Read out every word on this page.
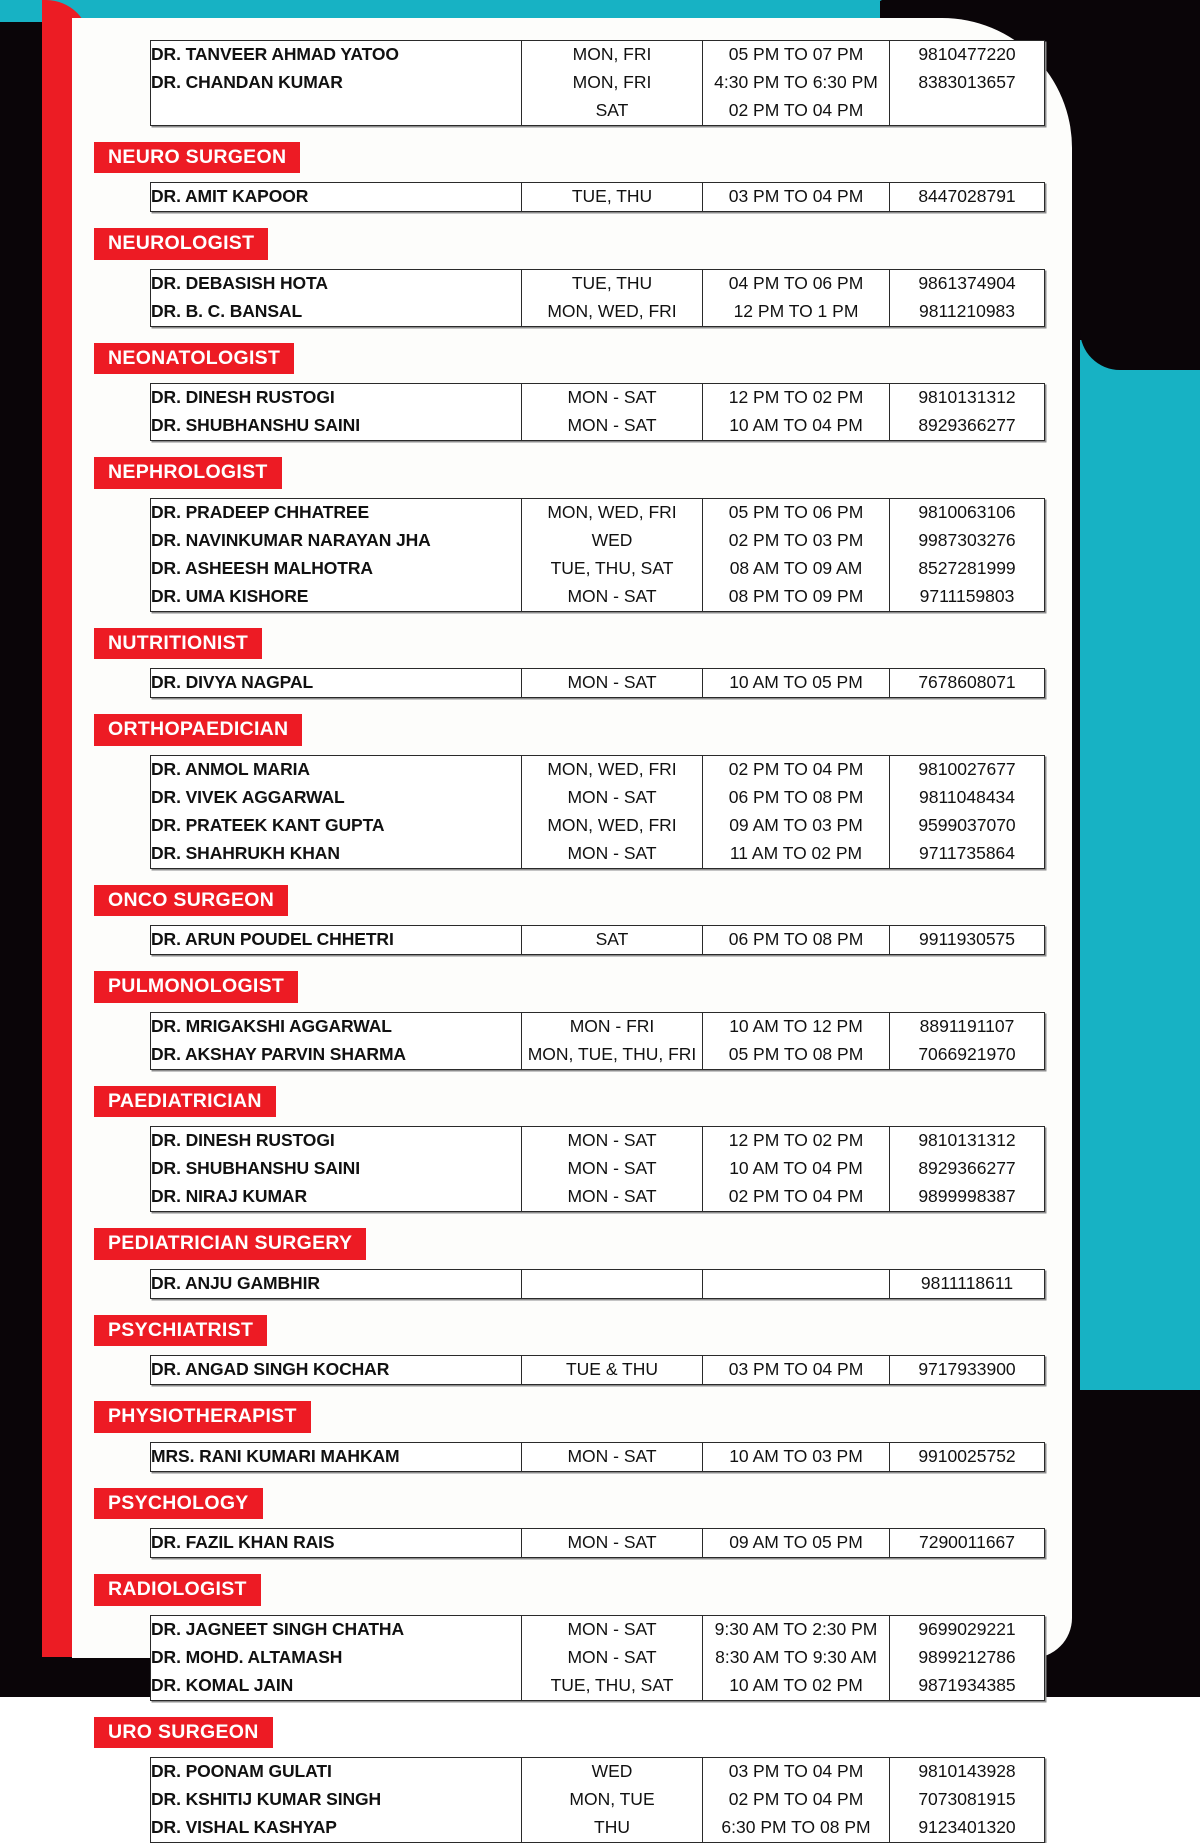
DR. TANVEER AHMAD YATOO	MON, FRI	05 PM TO 07 PM	9810477220
DR. CHANDAN KUMAR	MON, FRI	4:30 PM TO 6:30 PM	8383013657
	SAT	02 PM TO 04 PM	
NEURO SURGEON
DR. AMIT KAPOOR	TUE, THU	03 PM TO 04 PM	8447028791
NEUROLOGIST
DR. DEBASISH HOTA	TUE, THU	04 PM TO 06 PM	9861374904
DR. B. C. BANSAL	MON, WED, FRI	12 PM TO 1 PM	9811210983
NEONATOLOGIST
DR. DINESH RUSTOGI	MON - SAT	12 PM TO 02 PM	9810131312
DR. SHUBHANSHU SAINI	MON - SAT	10 AM TO 04 PM	8929366277
NEPHROLOGIST
DR. PRADEEP CHHATREE	MON, WED, FRI	05 PM TO 06 PM	9810063106
DR. NAVINKUMAR NARAYAN JHA	WED	02 PM TO 03 PM	9987303276
DR. ASHEESH MALHOTRA	TUE, THU, SAT	08 AM TO 09 AM	8527281999
DR. UMA KISHORE	MON - SAT	08 PM TO 09 PM	9711159803
NUTRITIONIST
DR. DIVYA NAGPAL	MON - SAT	10 AM TO 05 PM	7678608071
ORTHOPAEDICIAN
DR. ANMOL MARIA	MON, WED, FRI	02 PM TO 04 PM	9810027677
DR. VIVEK AGGARWAL	MON - SAT	06 PM TO 08 PM	9811048434
DR. PRATEEK KANT GUPTA	MON, WED, FRI	09 AM TO 03 PM	9599037070
DR. SHAHRUKH KHAN	MON - SAT	11 AM TO 02 PM	9711735864
ONCO SURGEON
DR. ARUN POUDEL CHHETRI	SAT	06 PM TO 08 PM	9911930575
PULMONOLOGIST
DR. MRIGAKSHI AGGARWAL	MON - FRI	10 AM TO 12 PM	8891191107
DR. AKSHAY PARVIN SHARMA	MON, TUE, THU, FRI	05 PM TO 08 PM	7066921970
PAEDIATRICIAN
DR. DINESH RUSTOGI	MON - SAT	12 PM TO 02 PM	9810131312
DR. SHUBHANSHU SAINI	MON - SAT	10 AM TO 04 PM	8929366277
DR. NIRAJ KUMAR	MON - SAT	02 PM TO 04 PM	9899998387
PEDIATRICIAN SURGERY
DR. ANJU GAMBHIR			9811118611
PSYCHIATRIST
DR. ANGAD SINGH KOCHAR	TUE & THU	03 PM TO 04 PM	9717933900
PHYSIOTHERAPIST
MRS. RANI KUMARI MAHKAM	MON - SAT	10 AM TO 03 PM	9910025752
PSYCHOLOGY
DR. FAZIL KHAN RAIS	MON - SAT	09 AM TO 05 PM	7290011667
RADIOLOGIST
DR. JAGNEET SINGH CHATHA	MON - SAT	9:30 AM TO 2:30 PM	9699029221
DR. MOHD. ALTAMASH	MON - SAT	8:30 AM TO 9:30 AM	9899212786
DR. KOMAL JAIN	TUE, THU, SAT	10 AM TO 02 PM	9871934385
URO SURGEON
DR. POONAM GULATI	WED	03 PM TO 04 PM	9810143928
DR. KSHITIJ KUMAR SINGH	MON, TUE	02 PM TO 04 PM	7073081915
DR. VISHAL KASHYAP	THU	6:30 PM TO 08 PM	9123401320
